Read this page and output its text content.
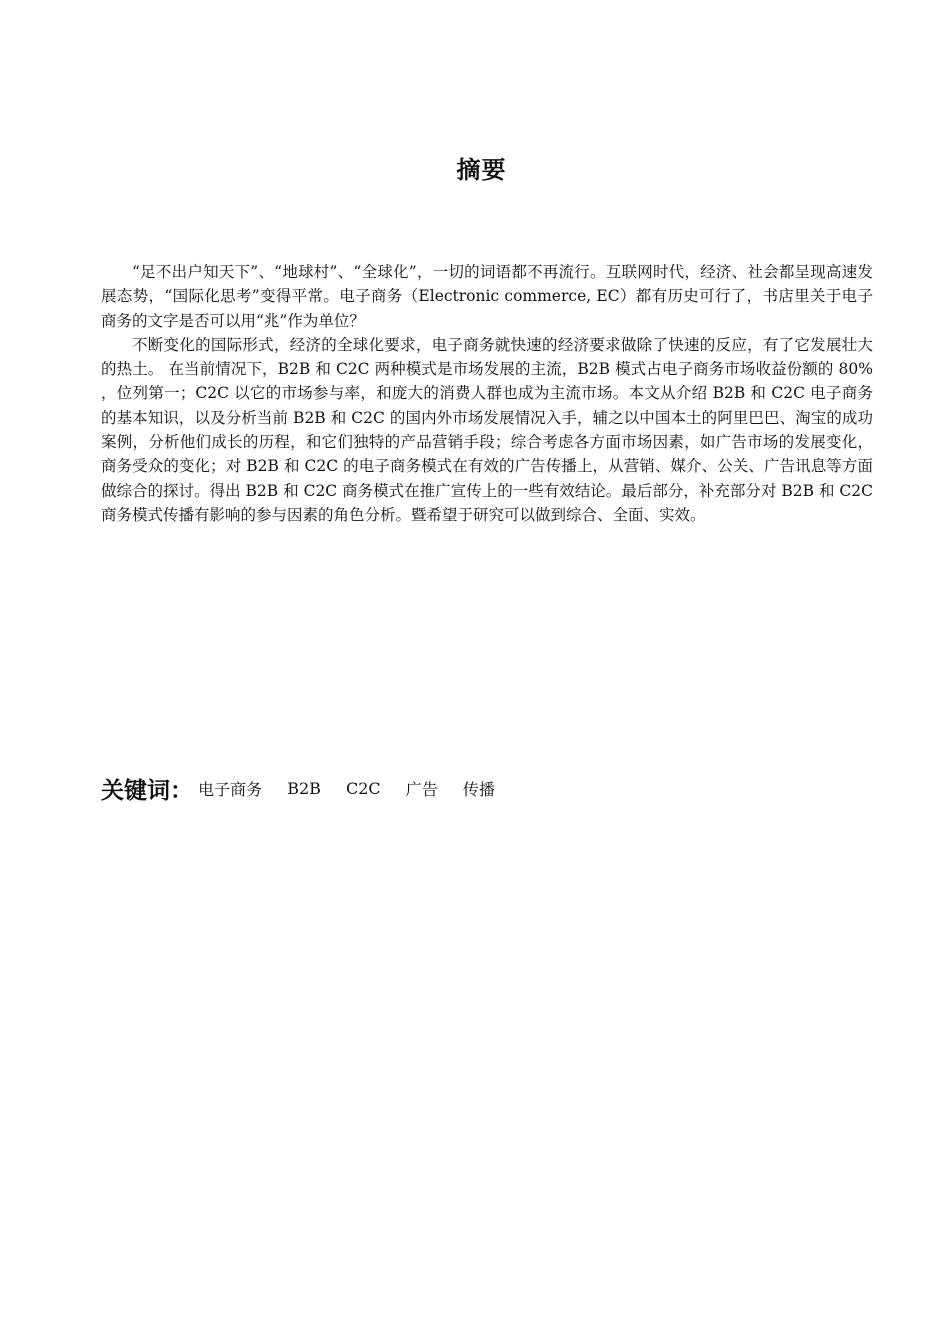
摘要

“足不出户知天下”、“地球村”、“全球化”，一切的词语都不再流行。互联网时代，经济、社会都呈现高速发展态势，“国际化思考”变得平常。电子商务（Electronic commerce, EC）都有历史可行了，书店里关于电子商务的文字是否可以用“兆”作为单位？

不断变化的国际形式，经济的全球化要求，电子商务就快速的经济要求做除了快速的反应，有了它发展壮大的热土。 在当前情况下，B2B 和 C2C 两种模式是市场发展的主流，B2B 模式占电子商务市场收益份额的 80% ，位列第一；C2C 以它的市场参与率，和庞大的消费人群也成为主流市场。本文从介绍 B2B 和 C2C 电子商务的基本知识，以及分析当前 B2B 和 C2C 的国内外市场发展情况入手，辅之以中国本土的阿里巴巴、淘宝的成功案例，分析他们成长的历程，和它们独特的产品营销手段；综合考虑各方面市场因素，如广告市场的发展变化，商务受众的变化；对 B2B 和 C2C 的电子商务模式在有效的广告传播上，从营销、媒介、公关、广告讯息等方面做综合的探讨。得出 B2B 和 C2C 商务模式在推广宣传上的一些有效结论。最后部分，补充部分对 B2B 和 C2C 商务模式传播有影响的参与因素的角色分析。暨希望于研究可以做到综合、全面、实效。

关键词： 电子商务 B2B C2C 广告 传播
